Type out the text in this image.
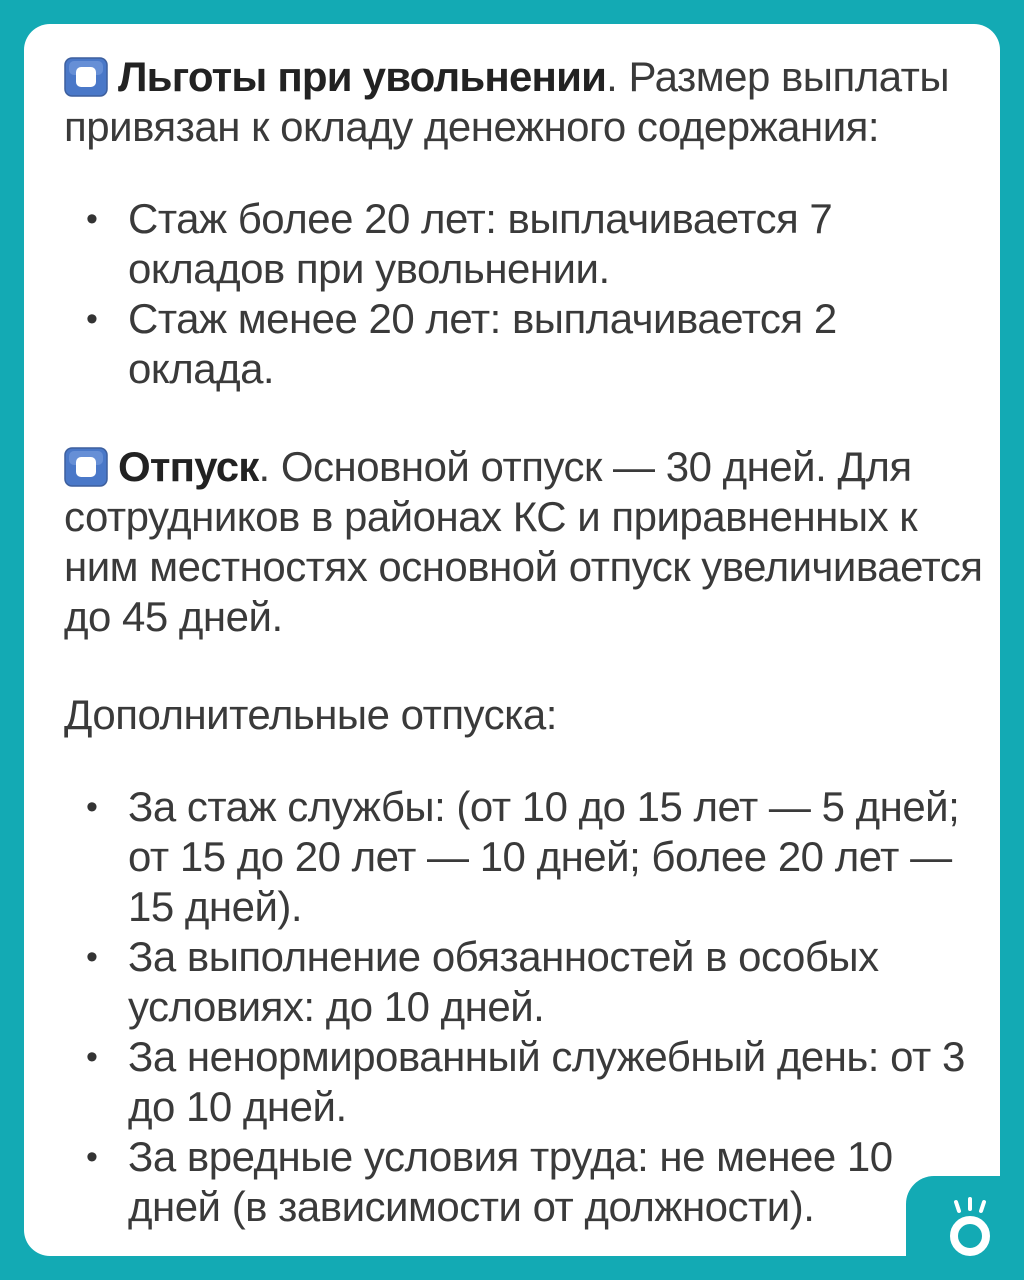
Льготы при увольнении. Размер выплаты привязан к окладу денежного содержания:

• Стаж более 20 лет: выплачивается 7 окладов при увольнении.
• Стаж менее 20 лет: выплачивается 2 оклада.

Отпуск. Основной отпуск — 30 дней. Для сотрудников в районах КС и приравненных к ним местностях основной отпуск увеличивается до 45 дней.

Дополнительные отпуска:

• За стаж службы: (от 10 до 15 лет — 5 дней; от 15 до 20 лет — 10 дней; более 20 лет — 15 дней).
• За выполнение обязанностей в особых условиях: до 10 дней.
• За ненормированный служебный день: от 3 до 10 дней.
• За вредные условия труда: не менее 10 дней (в зависимости от должности).
